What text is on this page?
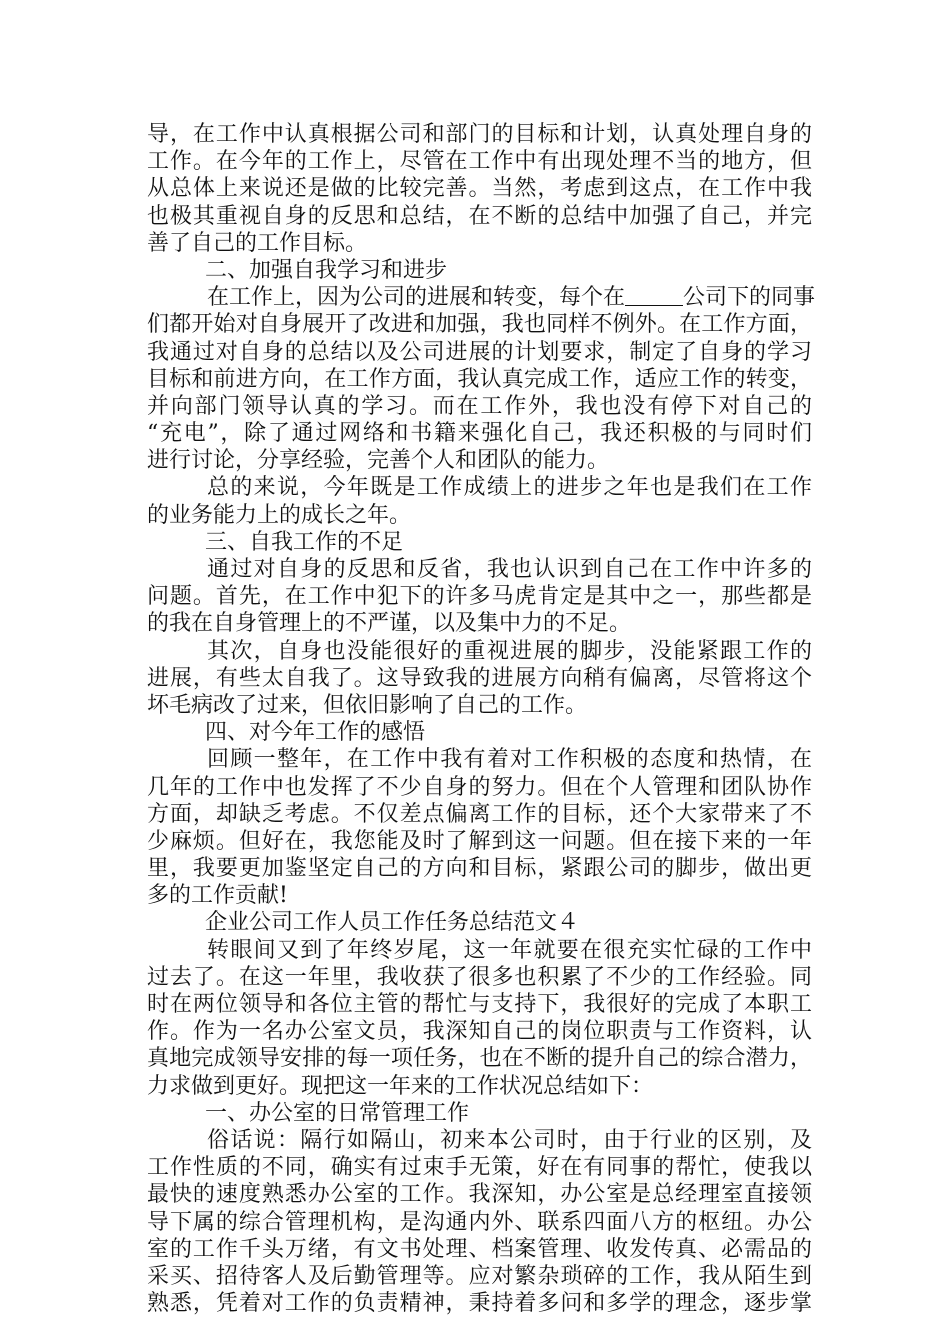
导，在工作中认真根据公司和部门的目标和计划，认真处理自身的
工作。在今年的工作上，尽管在工作中有出现处理不当的地方，但
从总体上来说还是做的比较完善。当然，考虑到这点，在工作中我
也极其重视自身的反思和总结，在不断的总结中加强了自己，并完
善了自己的工作目标。
二、加强自我学习和进步
在工作上，因为公司的进展和转变，每个在	公司下的同事
们都开始对自身展开了改进和加强，我也同样不例外。在工作方面，
我通过对自身的总结以及公司进展的计划要求，制定了自身的学习
目标和前进方向，在工作方面，我认真完成工作，适应工作的转变，
并向部门领导认真的学习。而在工作外，我也没有停下对自己的
“充电”，除了通过网络和书籍来强化自己，我还积极的与同时们
进行讨论，分享经验，完善个人和团队的能力。
总的来说，今年既是工作成绩上的进步之年也是我们在工作
的业务能力上的成长之年。
三、自我工作的不足
通过对自身的反思和反省，我也认识到自己在工作中许多的
问题。首先，在工作中犯下的许多马虎肯定是其中之一，那些都是
的我在自身管理上的不严谨，以及集中力的不足。
其次，自身也没能很好的重视进展的脚步，没能紧跟工作的
进展，有些太自我了。这导致我的进展方向稍有偏离，尽管将这个
坏毛病改了过来，但依旧影响了自己的工作。
四、对今年工作的感悟
回顾一整年，在工作中我有着对工作积极的态度和热情，在
几年的工作中也发挥了不少自身的努力。但在个人管理和团队协作
方面，却缺乏考虑。不仅差点偏离工作的目标，还个大家带来了不
少麻烦。但好在，我您能及时了解到这一问题。但在接下来的一年
里，我要更加鉴坚定自己的方向和目标，紧跟公司的脚步，做出更
多的工作贡献!
企业公司工作人员工作任务总结范文４
转眼间又到了年终岁尾，这一年就要在很充实忙碌的工作中
过去了。在这一年里，我收获了很多也积累了不少的工作经验。同
时在两位领导和各位主管的帮忙与支持下，我很好的完成了本职工
作。作为一名办公室文员，我深知自己的岗位职责与工作资料，认
真地完成领导安排的每一项任务，也在不断的提升自己的综合潜力，
力求做到更好。现把这一年来的工作状况总结如下：
一、办公室的日常管理工作
俗话说：隔行如隔山，初来本公司时，由于行业的区别，及
工作性质的不同，确实有过束手无策，好在有同事的帮忙，使我以
最快的速度熟悉办公室的工作。我深知，办公室是总经理室直接领
导下属的综合管理机构，是沟通内外、联系四面八方的枢纽。办公
室的工作千头万绪，有文书处理、档案管理、收发传真、必需品的
采买、招待客人及后勤管理等。应对繁杂琐碎的工作，我从陌生到
熟悉，凭着对工作的负责精神，秉持着多问和多学的理念，逐步掌
